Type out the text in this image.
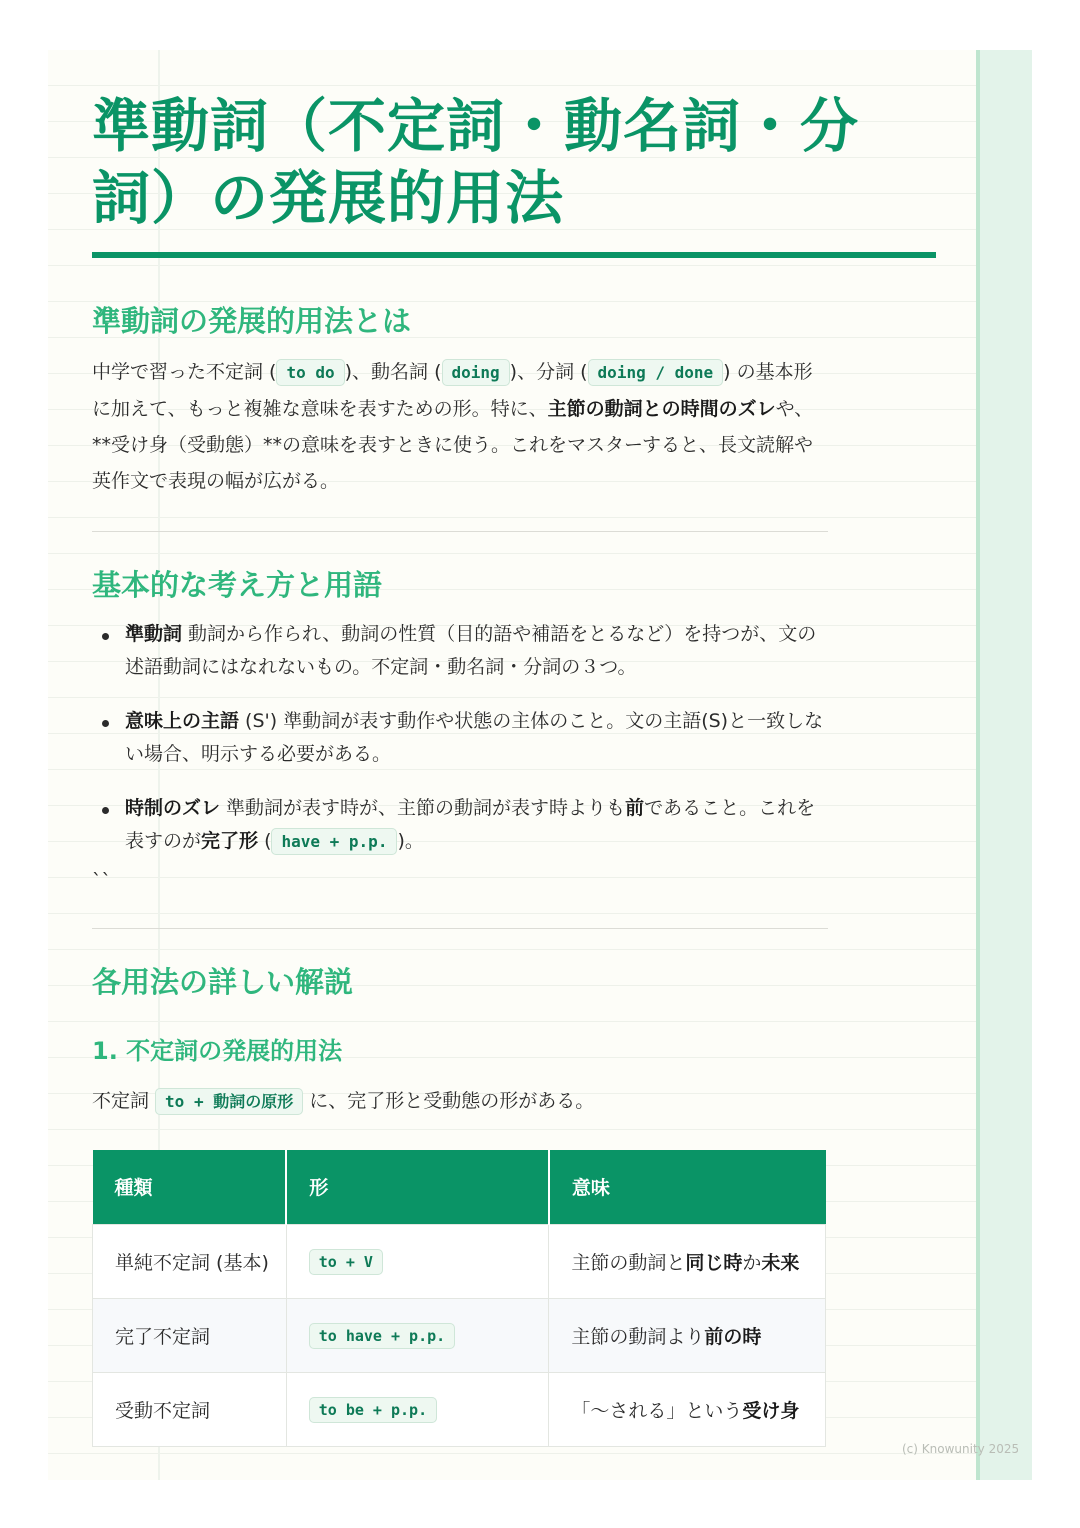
準動詞（不定詞・動名詞・分詞）の発展的用法
準動詞の発展的用法とは

中学で習った不定詞 ( to do )、動名詞 ( doing )、分詞 ( doing / done ) の基本形に加えて、もっと複雑な意味を表すための形。特に、主節の動詞との時間のズレや、**受け身（受動態）**の意味を表すときに使う。これをマスターすると、長文読解や英作文で表現の幅が広がる。

基本的な考え方と用語
準動詞 動詞から作られ、動詞の性質（目的語や補語をとるなど）を持つが、文の述語動詞にはなれないもの。不定詞・動名詞・分詞の３つ。
意味上の主語 (S') 準動詞が表す動作や状態の主体のこと。文の主語(S)と一致しない場合、明示する必要がある。
時制のズレ 準動詞が表す時が、主節の動詞が表す時よりも前であること。これを表すのが完了形 ( have + p.p. )。

``

各用法の詳しい解説
1. 不定詞の発展的用法

不定詞 to + 動詞の原形 に、完了形と受動態の形がある。

種類	形	意味
単純不定詞 (基本)	to + V	主節の動詞と同じ時か未来
完了不定詞	to have + p.p.	主節の動詞より前の時
受動不定詞	to be + p.p.	「～される」という受け身
(c) Knowunity 2025
